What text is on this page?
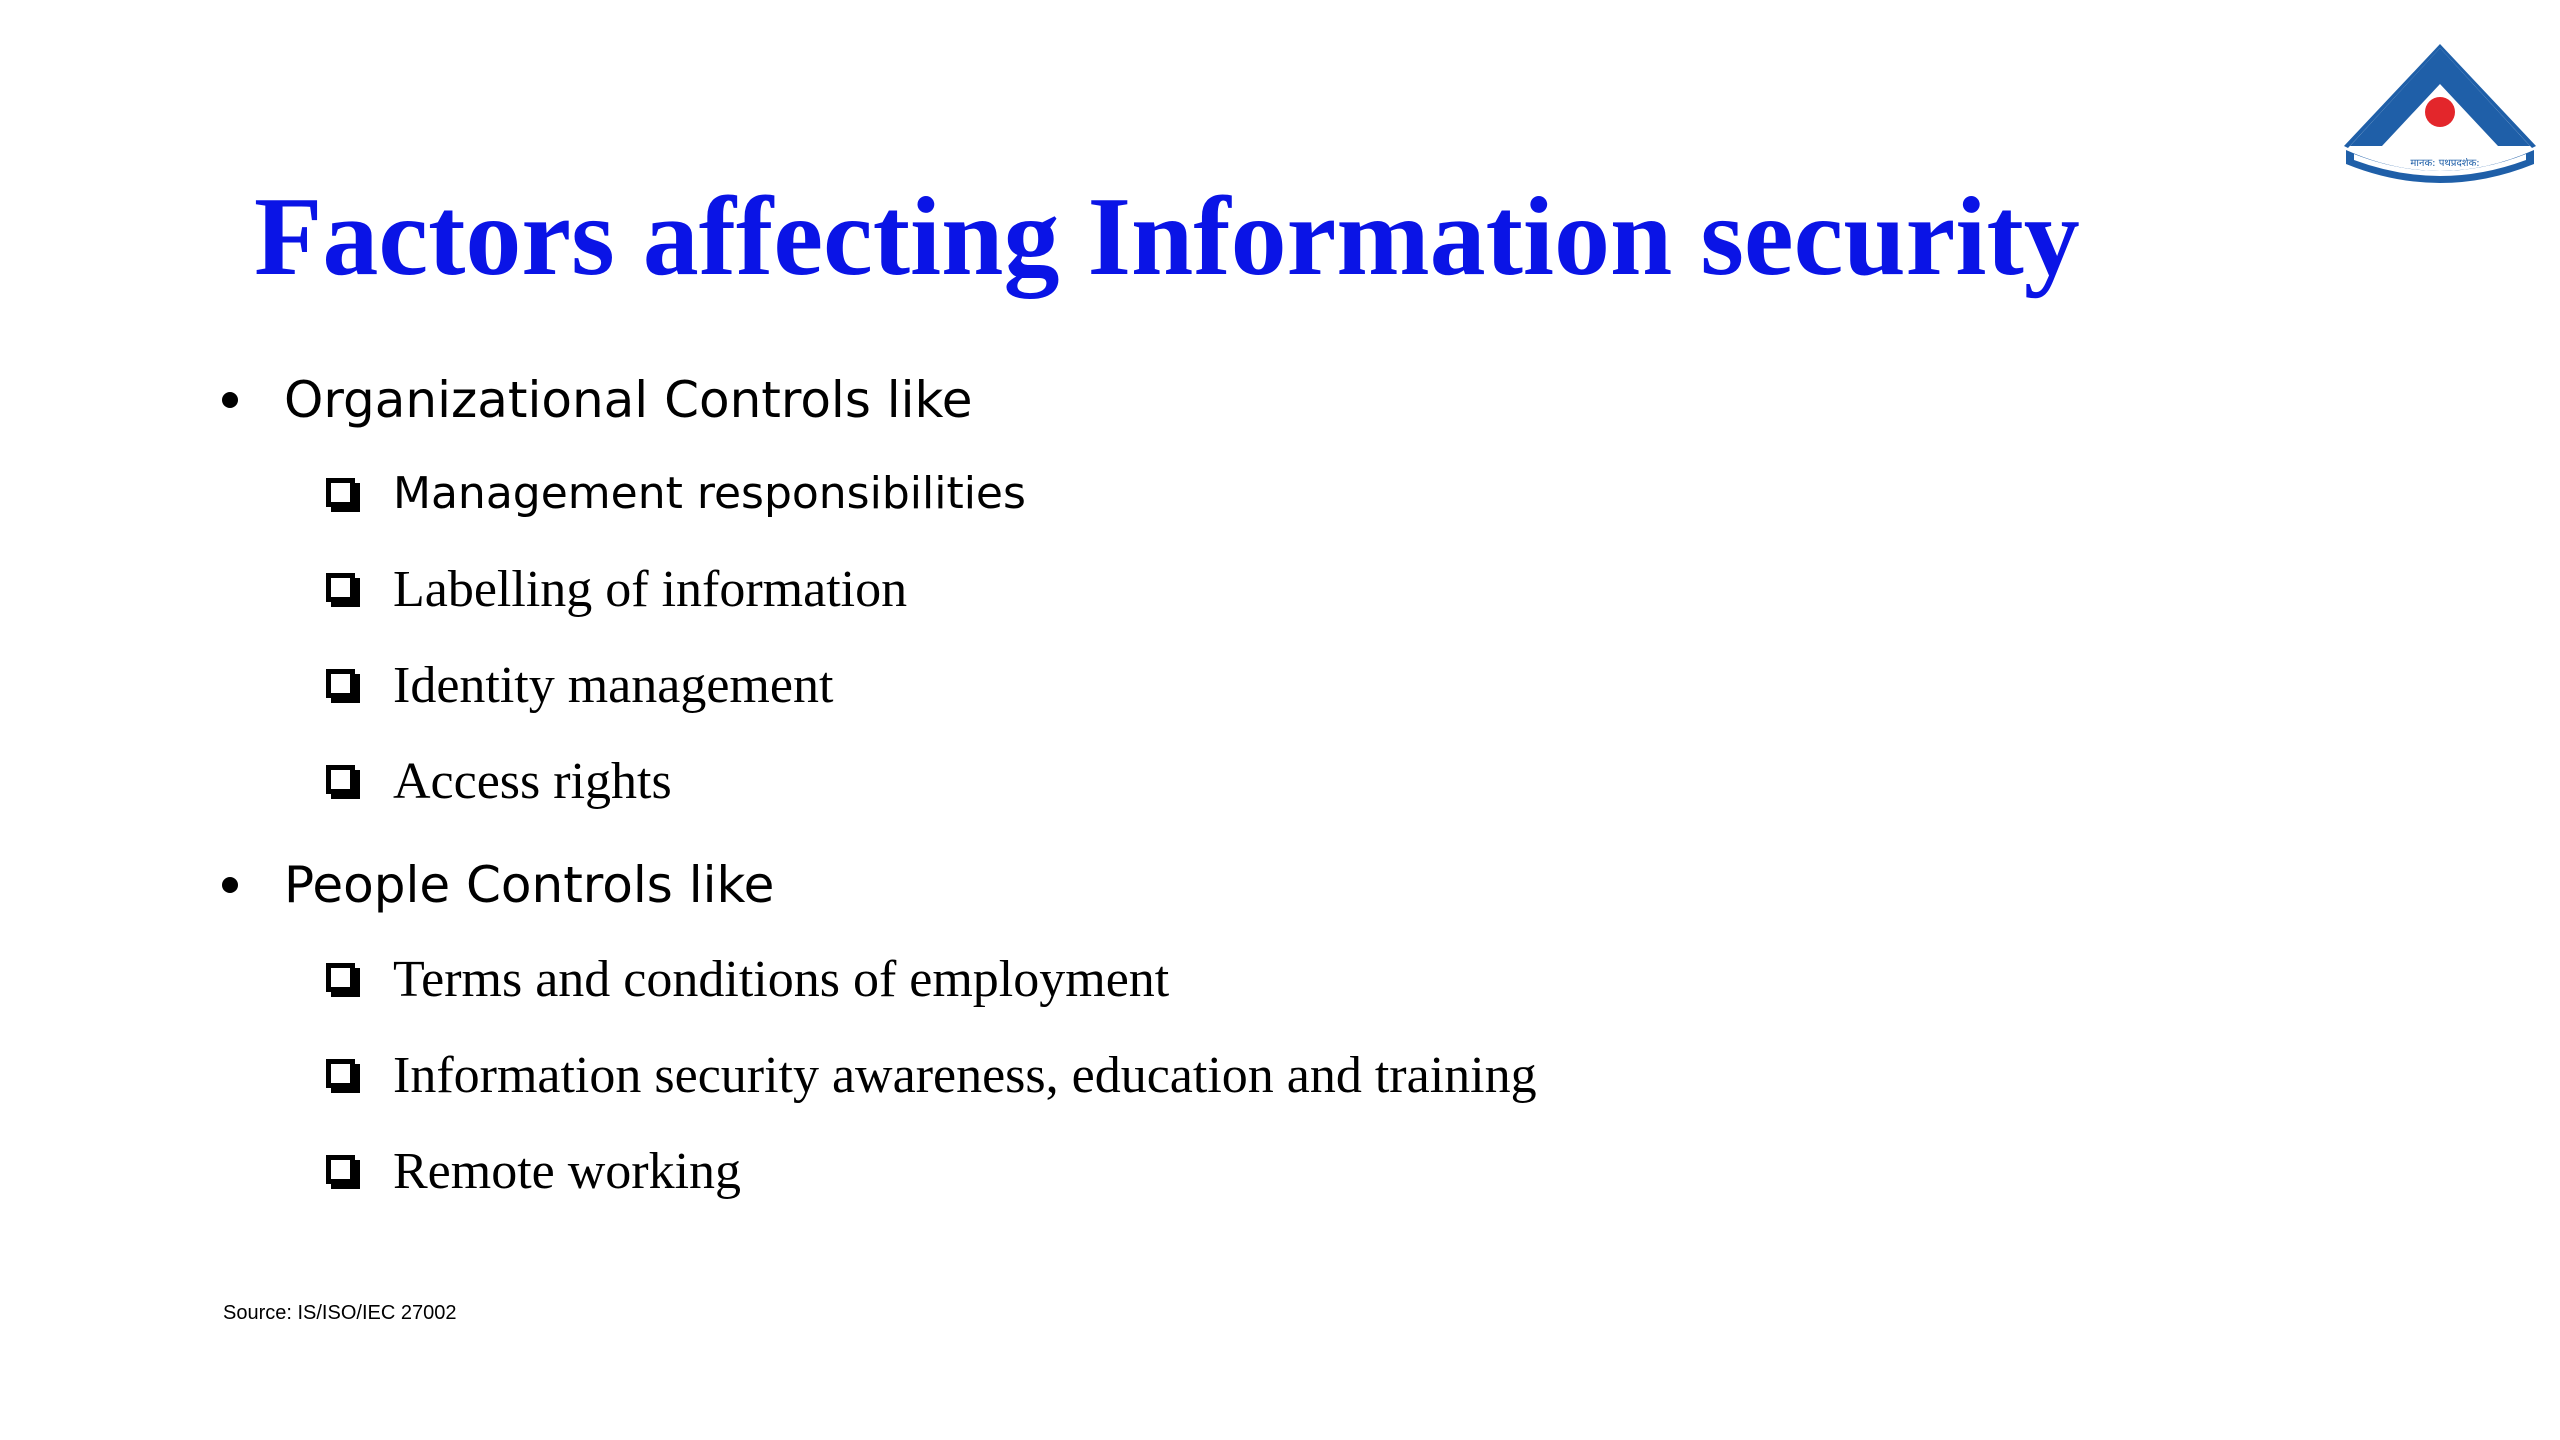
मानक: पथप्रदर्शक:
Factors affecting Information security
Organizational Controls like
Management responsibilities
Labelling of information
Identity management
Access rights
People Controls like
Terms and conditions of employment
Information security awareness, education and training
Remote working
Source: IS/ISO/IEC 27002
